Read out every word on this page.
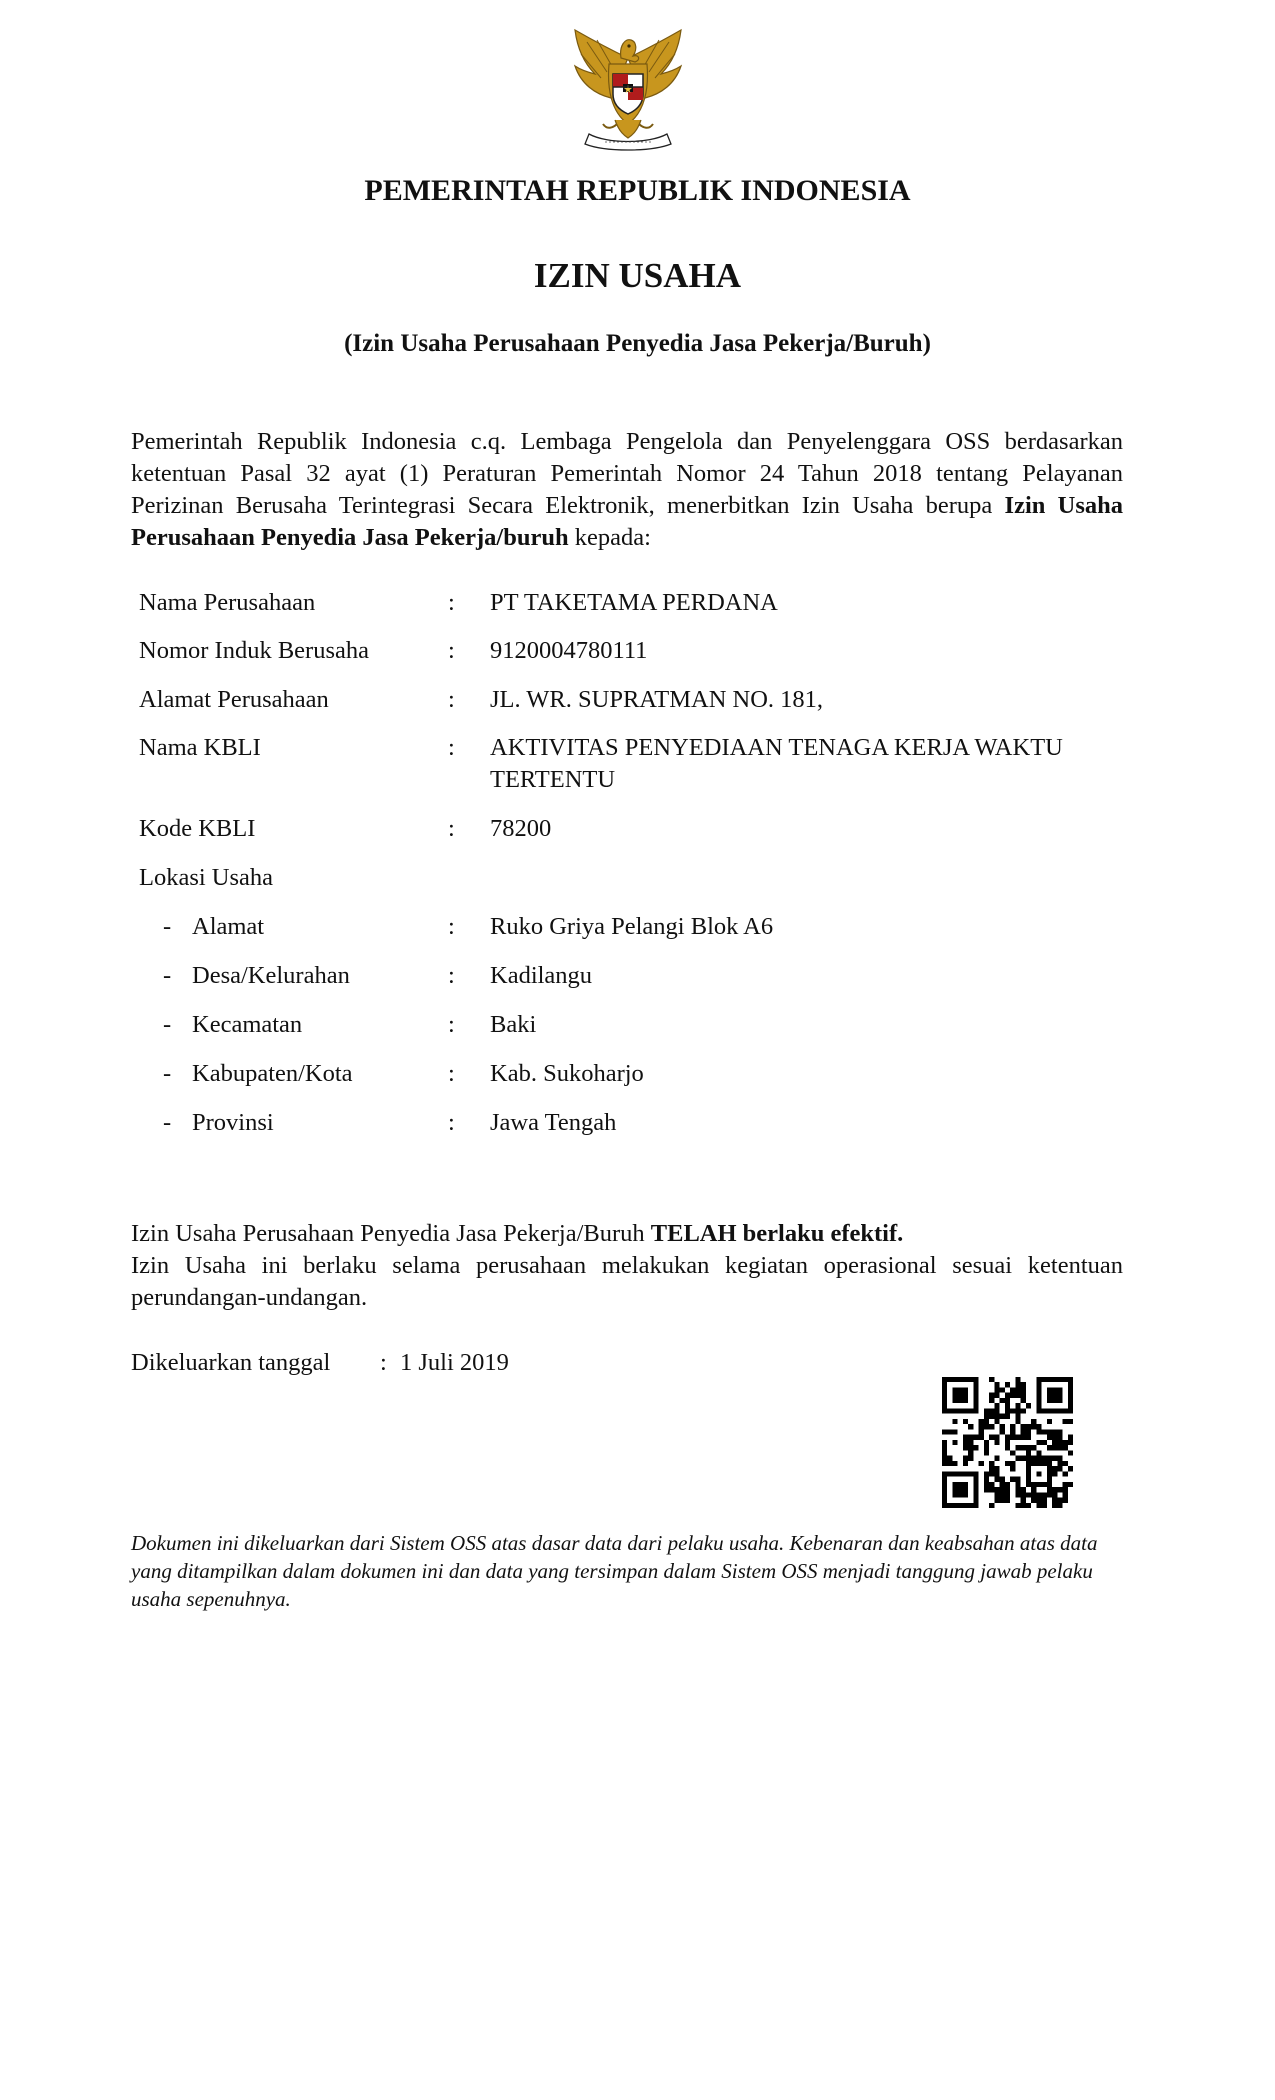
PEMERINTAH REPUBLIK INDONESIA
IZIN USAHA
(Izin Usaha Perusahaan Penyedia Jasa Pekerja/Buruh)
Pemerintah Republik Indonesia c.q. Lembaga Pengelola dan Penyelenggara OSS berdasarkan ketentuan Pasal 32 ayat (1) Peraturan Pemerintah Nomor 24 Tahun 2018 tentang Pelayanan Perizinan Berusaha Terintegrasi Secara Elektronik, menerbitkan Izin Usaha berupa Izin Usaha Perusahaan Penyedia Jasa Pekerja/buruh kepada:
Nama Perusahaan	: PT TAKETAMA PERDANA
Nomor Induk Berusaha	: 9120004780111
Alamat Perusahaan	: JL. WR. SUPRATMAN NO. 181,
Nama KBLI	: AKTIVITAS PENYEDIAAN TENAGA KERJA WAKTU TERTENTU
Kode KBLI	: 78200
Lokasi Usaha
- Alamat	: Ruko Griya Pelangi Blok A6
- Desa/Kelurahan	: Kadilangu
- Kecamatan	: Baki
- Kabupaten/Kota	: Kab. Sukoharjo
- Provinsi	: Jawa Tengah
Izin Usaha Perusahaan Penyedia Jasa Pekerja/Buruh TELAH berlaku efektif.
Izin Usaha ini berlaku selama perusahaan melakukan kegiatan operasional sesuai ketentuan perundangan-undangan.
Dikeluarkan tanggal : 1 Juli 2019
Dokumen ini dikeluarkan dari Sistem OSS atas dasar data dari pelaku usaha. Kebenaran dan keabsahan atas data yang ditampilkan dalam dokumen ini dan data yang tersimpan dalam Sistem OSS menjadi tanggung jawab pelaku usaha sepenuhnya.
